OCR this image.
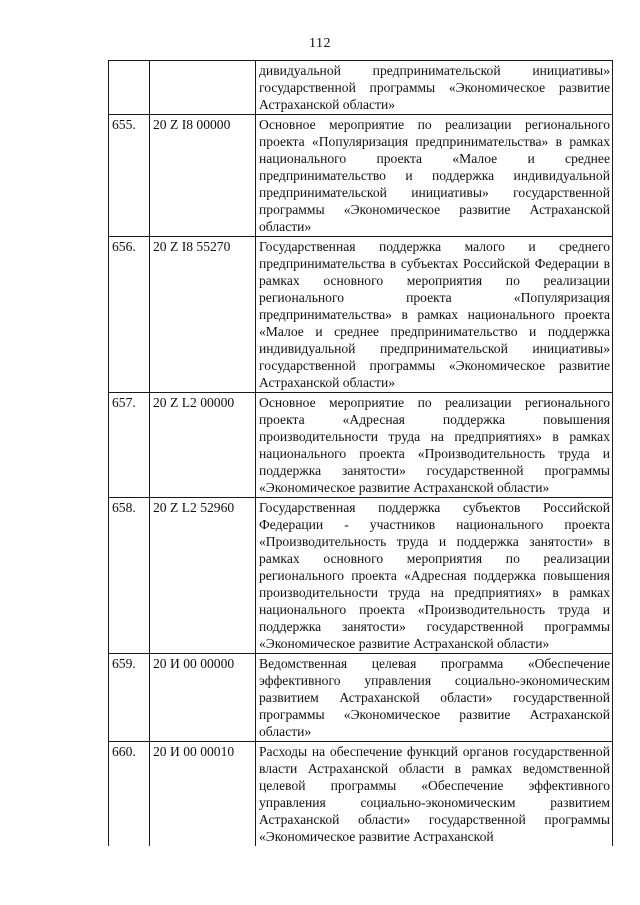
112
		дивидуальной предпринимательской инициативы» государственной программы «Экономическое развитие Астраханской области»
655.	20 Z I8 00000	Основное мероприятие по реализации регионального проекта «Популяризация предпринимательства» в рамках национального проекта «Малое и среднее предпринимательство и поддержка индивидуальной предпринимательской инициативы» государственной программы «Экономическое развитие Астраханской области»
656.	20 Z I8 55270	Государственная поддержка малого и среднего предпринимательства в субъектах Российской Федерации в рамках основного мероприятия по реализации регионального проекта «Популяризация предпринимательства» в рамках национального проекта «Малое и среднее предпринимательство и поддержка индивидуальной предпринимательской инициативы» государственной программы «Экономическое развитие Астраханской области»
657.	20 Z L2 00000	Основное мероприятие по реализации регионального проекта «Адресная поддержка повышения производительности труда на предприятиях» в рамках национального проекта «Производительность труда и поддержка занятости» государственной программы «Экономическое развитие Астраханской области»
658.	20 Z L2 52960	Государственная поддержка субъектов Российской Федерации - участников национального проекта «Производительность труда и поддержка занятости» в рамках основного мероприятия по реализации регионального проекта «Адресная поддержка повышения производительности труда на предприятиях» в рамках национального проекта «Производительность труда и поддержка занятости» государственной программы «Экономическое развитие Астраханской области»
659.	20 И 00 00000	Ведомственная целевая программа «Обеспечение эффективного управления социально-экономическим развитием Астраханской области» государственной программы «Экономическое развитие Астраханской области»
660.	20 И 00 00010	Расходы на обеспечение функций органов государственной власти Астраханской области в рамках ведомственной целевой программы «Обеспечение эффективного управления социально-экономическим развитием Астраханской области» государственной программы «Экономическое развитие Астраханской
